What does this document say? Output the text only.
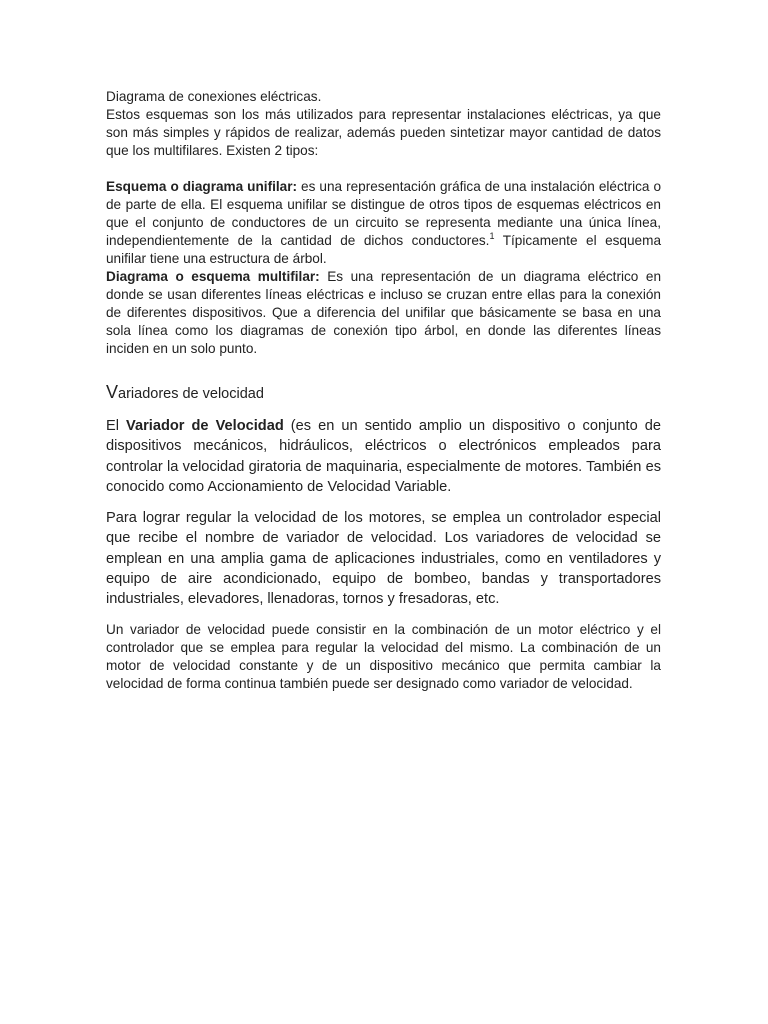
Diagrama de conexiones eléctricas.

Estos esquemas son los más utilizados para representar instalaciones eléctricas, ya que son más simples y rápidos de realizar, además pueden sintetizar mayor cantidad de datos que los multifilares. Existen 2 tipos:

Esquema o diagrama unifilar: es una representación gráfica de una instalación eléctrica o de parte de ella. El esquema unifilar se distingue de otros tipos de esquemas eléctricos en que el conjunto de conductores de un circuito se representa mediante una única línea, independientemente de la cantidad de dichos conductores.$^1$ Típicamente el esquema unifilar tiene una estructura de árbol.

Diagrama o esquema multifilar: Es una representación de un diagrama eléctrico en donde se usan diferentes líneas eléctricas e incluso se cruzan entre ellas para la conexión de diferentes dispositivos. Que a diferencia del unifilar que básicamente se basa en una sola línea como los diagramas de conexión tipo árbol, en donde las diferentes líneas inciden en un solo punto.

Variadores de velocidad

El Variador de Velocidad (es en un sentido amplio un dispositivo o conjunto de dispositivos mecánicos, hidráulicos, eléctricos o electrónicos empleados para controlar la velocidad giratoria de maquinaria, especialmente de motores. También es conocido como Accionamiento de Velocidad Variable.

Para lograr regular la velocidad de los motores, se emplea un controlador especial que recibe el nombre de variador de velocidad. Los variadores de velocidad se emplean en una amplia gama de aplicaciones industriales, como en ventiladores y equipo de aire acondicionado, equipo de bombeo, bandas y transportadores industriales, elevadores, llenadoras, tornos y fresadoras, etc.

Un variador de velocidad puede consistir en la combinación de un motor eléctrico y el controlador que se emplea para regular la velocidad del mismo. La combinación de un motor de velocidad constante y de un dispositivo mecánico que permita cambiar la velocidad de forma continua también puede ser designado como variador de velocidad.
